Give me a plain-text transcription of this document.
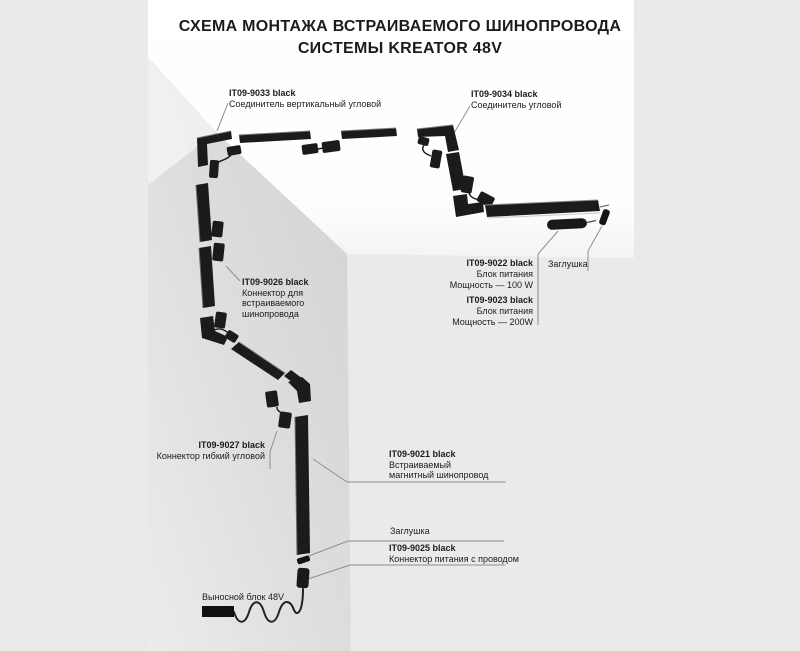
СХЕМА МОНТАЖА ВСТРАИВАЕМОГО ШИНОПРОВОДА
СИСТЕМЫ KREATOR 48V
IT09-9033 black
Соединитель вертикальный угловой
IT09-9034 black
Соединитель угловой
IT09-9026 black
Коннектор для
встраиваемого
шинопровода
IT09-9022 black
Блок питания
Мощность — 100 W
IT09-9023 black
Блок питания
Мощность — 200W
Заглушка
IT09-9027 black
Коннектор гибкий угловой	IT09-9021 black
Встраиваемый
магнитный шинопровод
Заглушка
IT09-9025 black
Коннектор питания с проводом
Выносной блок 48V
